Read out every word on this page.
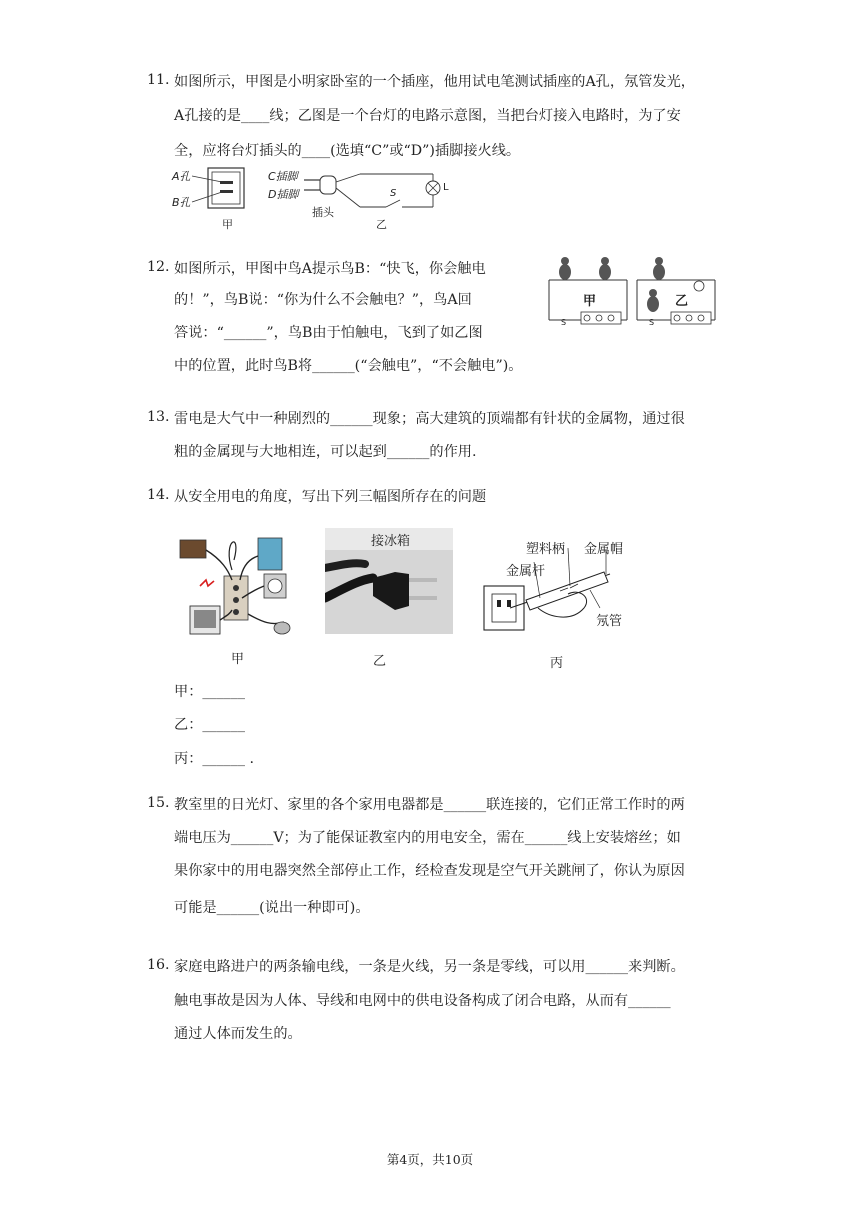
11. 如图所示，甲图是小明家卧室的一个插座，他用试电笔测试插座的A孔，氖管发光，
A孔接的是____线；乙图是一个台灯的电路示意图，当把台灯接入电路时，为了安
全，应将台灯插头的____(选填“C”或“D”)插脚接火线。
A孔
B孔
甲
C插脚
D插脚
插头
S
L
乙
12. 如图所示，甲图中鸟A提示鸟B：“快飞，你会触电
的！”，鸟B说：“你为什么不会触电？”，鸟A回
答说：“______”，鸟B由于怕触电，飞到了如乙图
中的位置，此时鸟B将______(“会触电”，“不会触电”)。
甲	乙
S	S
13. 雷电是大气中一种剧烈的______现象；高大建筑的顶端都有针状的金属物，通过很
粗的金属现与大地相连，可以起到______的作用.
14. 从安全用电的角度，写出下列三幅图所存在的问题
甲
接冰箱
乙
塑料柄 金属帽
金属杆
氖管
丙
甲：______
乙：______
丙：______ .
15. 教室里的日光灯、家里的各个家用电器都是______联连接的，它们正常工作时的两
端电压为______V；为了能保证教室内的用电安全，需在______线上安装熔丝；如
果你家中的用电器突然全部停止工作，经检查发现是空气开关跳闸了，你认为原因
可能是______(说出一种即可)。
16. 家庭电路进户的两条输电线，一条是火线，另一条是零线，可以用______来判断。
触电事故是因为人体、导线和电网中的供电设备构成了闭合电路，从而有______
通过人体而发生的。
第4页，共10页
